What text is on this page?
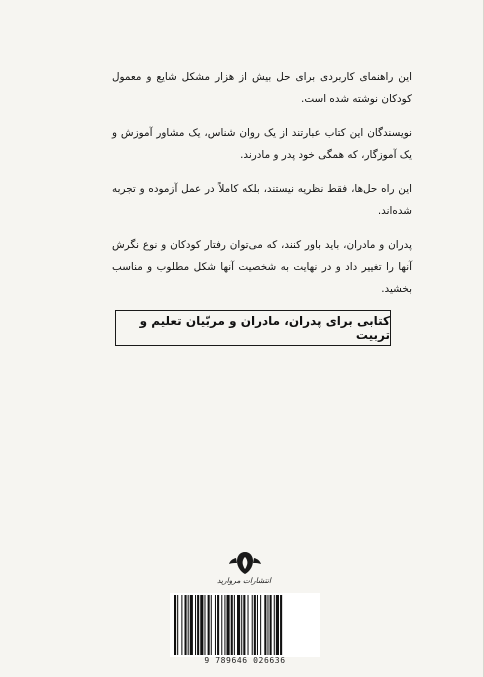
این راهنمای کاربردی برای حل بیش از هزار مشکل شایع و معمول کودکان نوشته شده است.

نویسندگان این کتاب عبارتند از یک روان شناس، یک مشاور آموزش و یک آموزگار، که همگی خود پدر و مادرند.

این راه حل‌ها، فقط نظریه نیستند، بلکه کاملاً در عمل آزموده و تجربه شده‌اند.

پدران و مادران، باید باور کنند، که می‌توان رفتار کودکان و نوع نگرش آنها را تغییر داد و در نهایت به شخصیت آنها شکل مطلوب و مناسب بخشید.

کتابی برای پدران، مادران و مربّیان تعلیم و تربیت
انتشارات مروارید
9 789646 026636
